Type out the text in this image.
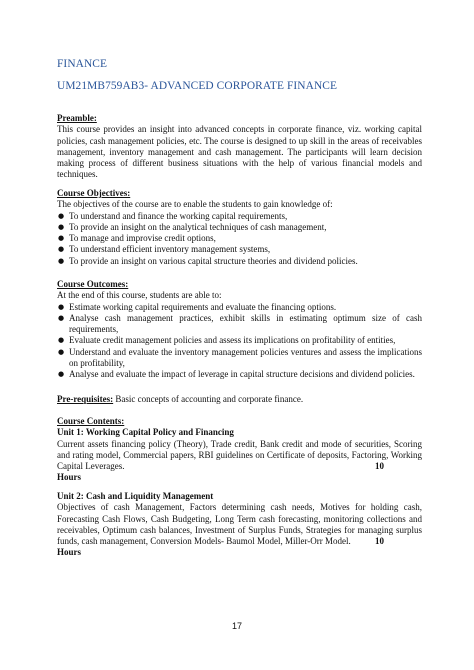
FINANCE
UM21MB759AB3- ADVANCED CORPORATE FINANCE
Preamble:

This course provides an insight into advanced concepts in corporate finance, viz. working capital policies, cash management policies, etc. The course is designed to up skill in the areas of receivables management, inventory management and cash management. The participants will learn decision making process of different business situations with the help of various financial models and techniques.

Course Objectives:

The objectives of the course are to enable the students to gain knowledge of:

● To understand and finance the working capital requirements,
● To provide an insight on the analytical techniques of cash management,
● To manage and improvise credit options,
● To understand efficient inventory management systems,
● To provide an insight on various capital structure theories and dividend policies.
Course Outcomes:

At the end of this course, students are able to:

● Estimate working capital requirements and evaluate the financing options.
● Analyse cash management practices, exhibit skills in estimating optimum size of cash requirements,
● Evaluate credit management policies and assess its implications on profitability of entities,
● Understand and evaluate the inventory management policies ventures and assess the implications on profitability,
● Analyse and evaluate the impact of leverage in capital structure decisions and dividend policies.

Pre-requisites: Basic concepts of accounting and corporate finance.

Course Contents:
Unit 1: Working Capital Policy and Financing

Current assets financing policy (Theory), Trade credit, Bank credit and mode of securities, Scoring and rating model, Commercial papers, RBI guidelines on Certificate of deposits, Factoring, Working Capital Leverages.	10
Hours
Unit 2: Cash and Liquidity Management

Objectives of cash Management, Factors determining cash needs, Motives for holding cash, Forecasting Cash Flows, Cash Budgeting, Long Term cash forecasting, monitoring collections and receivables, Optimum cash balances, Investment of Surplus Funds, Strategies for managing surplus funds, cash management, Conversion Models- Baumol Model, Miller-Orr Model.	10
Hours
17
